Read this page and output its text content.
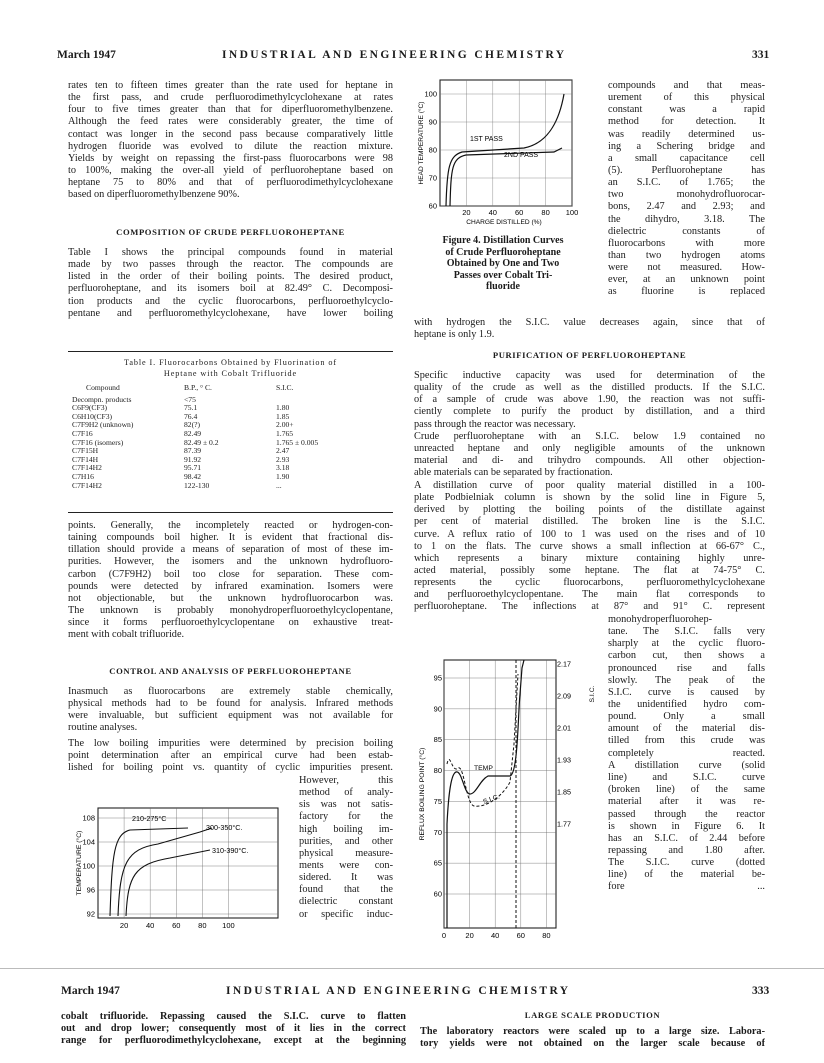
March 1947	INDUSTRIAL AND ENGINEERING CHEMISTRY	331
rates ten to fifteen times greater than the rate used for heptane in
the first pass, and crude perfluorodimethylcyclohexane at rates
four to five times greater than that for diperfluoromethylbenzene.
Although the feed rates were considerably greater, the time of
contact was longer in the second pass because comparatively little
hydrogen fluoride was evolved to dilute the reaction mixture.
Yields by weight on repassing the first-pass fluorocarbons were 98
to 100%, making the over-all yield of perfluoroheptane based on
heptane 75 to 80% and that of perfluorodimethylcyclohexane
based on diperfluoromethylbenzene 90%.
COMPOSITION OF CRUDE PERFLUOROHEPTANE
Table I shows the principal compounds found in material
made by two passes through the reactor. The compounds are
listed in the order of their boiling points. The desired product,
perfluoroheptane, and its isomers boil at 82.49° C. Decomposi-
tion products and the cyclic fluorocarbons, perfluoroethylcyclo-
pentane and perfluoromethylcyclohexane, have lower boiling
Table I. Fluorocarbons Obtained by Fluorination of
Heptane with Cobalt Trifluoride
Compound	B.P., ° C.	S.I.C.
Decompn. products	<75	
C6F9(CF3)	75.1	1.80
C6H10(CF3)	76.4	1.85
C7F9H2 (unknown)	82(?)	2.00+
C7F16	82.49	1.765
C7F16 (isomers)	82.49 ± 0.2	1.765 ± 0.005
C7F15H	87.39	2.47
C7F14H	91.92	2.93
C7F14H2	95.71	3.18
C7H16	98.42	1.90
C7F14H2	122-130	...
points. Generally, the incompletely reacted or hydrogen-con-
taining compounds boil higher. It is evident that fractional dis-
tillation should provide a means of separation of most of these im-
purities. However, the isomers and the unknown hydrofluoro-
carbon (C7F9H2) boil too close for separation. These com-
pounds were detected by infrared examination. Isomers were
not objectionable, but the unknown hydrofluorocarbon was.
The unknown is probably monohydroperfluoroethylcyclopentane,
since it forms perfluoroethylcyclopentane on exhaustive treat-
ment with cobalt trifluoride.
CONTROL AND ANALYSIS OF PERFLUOROHEPTANE
Inasmuch as fluorocarbons are extremely stable chemically,
physical methods had to be found for analysis. Infrared methods
were invaluable, but sufficient equipment was not available for
routine analyses.
The low boiling impurities were determined by precision boiling
point determination after an empirical curve had been estab-
lished for boiling point vs. quantity of cyclic impurities present.
However, this
method of analy-
sis was not satis-
factory for the
high boiling im-
purities, and other
physical measure-
ments were con-
sidered. It was
found that the
dielectric constant
or specific induc-
210-275°C
300-350°C.
310-390°C.
92
96
100
104
108
20 40 60 80 100
TEMPERATURE (°C)
1ST PASS
2ND PASS
60
70
80
90
100
20 40 60 80 100
CHARGE DISTILLED (%)
HEAD TEMPERATURE (°C)
Figure 4. Distillation Curves
of Crude Perfluoroheptane
Obtained by One and Two
Passes over Cobalt Tri-
fluoride
compounds and that meas-
urement of this physical
constant was a rapid
method for detection. It
was readily determined us-
ing a Schering bridge and
a small capacitance cell
(5). Perfluoroheptane has
an S.I.C. of 1.765; the
two monohydrofluorocar-
bons, 2.47 and 2.93; and
the dihydro, 3.18. The
dielectric constants of
fluorocarbons with more
than two hydrogen atoms
were not measured. How-
ever, at an unknown point
as fluorine is replaced
with hydrogen the S.I.C. value decreases again, since that of
heptane is only 1.9.
PURIFICATION OF PERFLUOROHEPTANE
Specific inductive capacity was used for determination of the
quality of the crude as well as the distilled products. If the S.I.C.
of a sample of crude was above 1.90, the reaction was not suffi-
ciently complete to purify the product by distillation, and a third
pass through the reactor was necessary.
Crude perfluoroheptane with an S.I.C. below 1.9 contained no
unreacted heptane and only negligible amounts of the unknown
material and di- and trihydro compounds. All other objection-
able materials can be separated by fractionation.
A distillation curve of poor quality material distilled in a 100-
plate Podbielniak column is shown by the solid line in Figure 5,
derived by plotting the boiling points of the distillate against
per cent of material distilled. The broken line is the S.I.C.
curve. A reflux ratio of 100 to 1 was used on the rises and of 10
to 1 on the flats. The curve shows a small inflection at 66-67° C.,
which represents a binary mixture containing highly unre-
acted material, possibly some heptane. The flat at 74-75° C.
represents the cyclic fluorocarbons, perfluoromethylcyclohexane
and perfluoroethylcyclopentane. The main flat corresponds to
perfluoroheptane. The inflections at 87° and 91° C. represent
monohydroperfluorohep-
tane. The S.I.C. falls very
sharply at the cyclic fluoro-
carbon cut, then shows a
pronounced rise and falls
slowly. The peak of the
S.I.C. curve is caused by
the unidentified hydro com-
pound. Only a small
amount of the material dis-
tilled from this crude was
completely reacted.
A distillation curve (solid
line) and S.I.C. curve
(broken line) of the same
material after it was re-
passed through the reactor
is shown in Figure 6. It
has an S.I.C. of 2.44 before
repassing and 1.80 after.
The S.I.C. curve (dotted
line) of the material be-
fore ...
TEMP
S.I.C.
60
65
70
75
80
85
90
95
1.77
1.85
1.93
2.01
2.09
2.17
0	20 40 60 80
REFLUX BOILING POINT (°C)
S.I.C.
March 1947	INDUSTRIAL AND ENGINEERING CHEMISTRY	333
cobalt trifluoride. Repassing caused the S.I.C. curve to flatten
out and drop lower; consequently most of it lies in the correct
range for perfluorodimethylcyclohexane, except at the beginning
LARGE SCALE PRODUCTION
The laboratory reactors were scaled up to a large size. Labora-
tory yields were not obtained on the larger scale because of
